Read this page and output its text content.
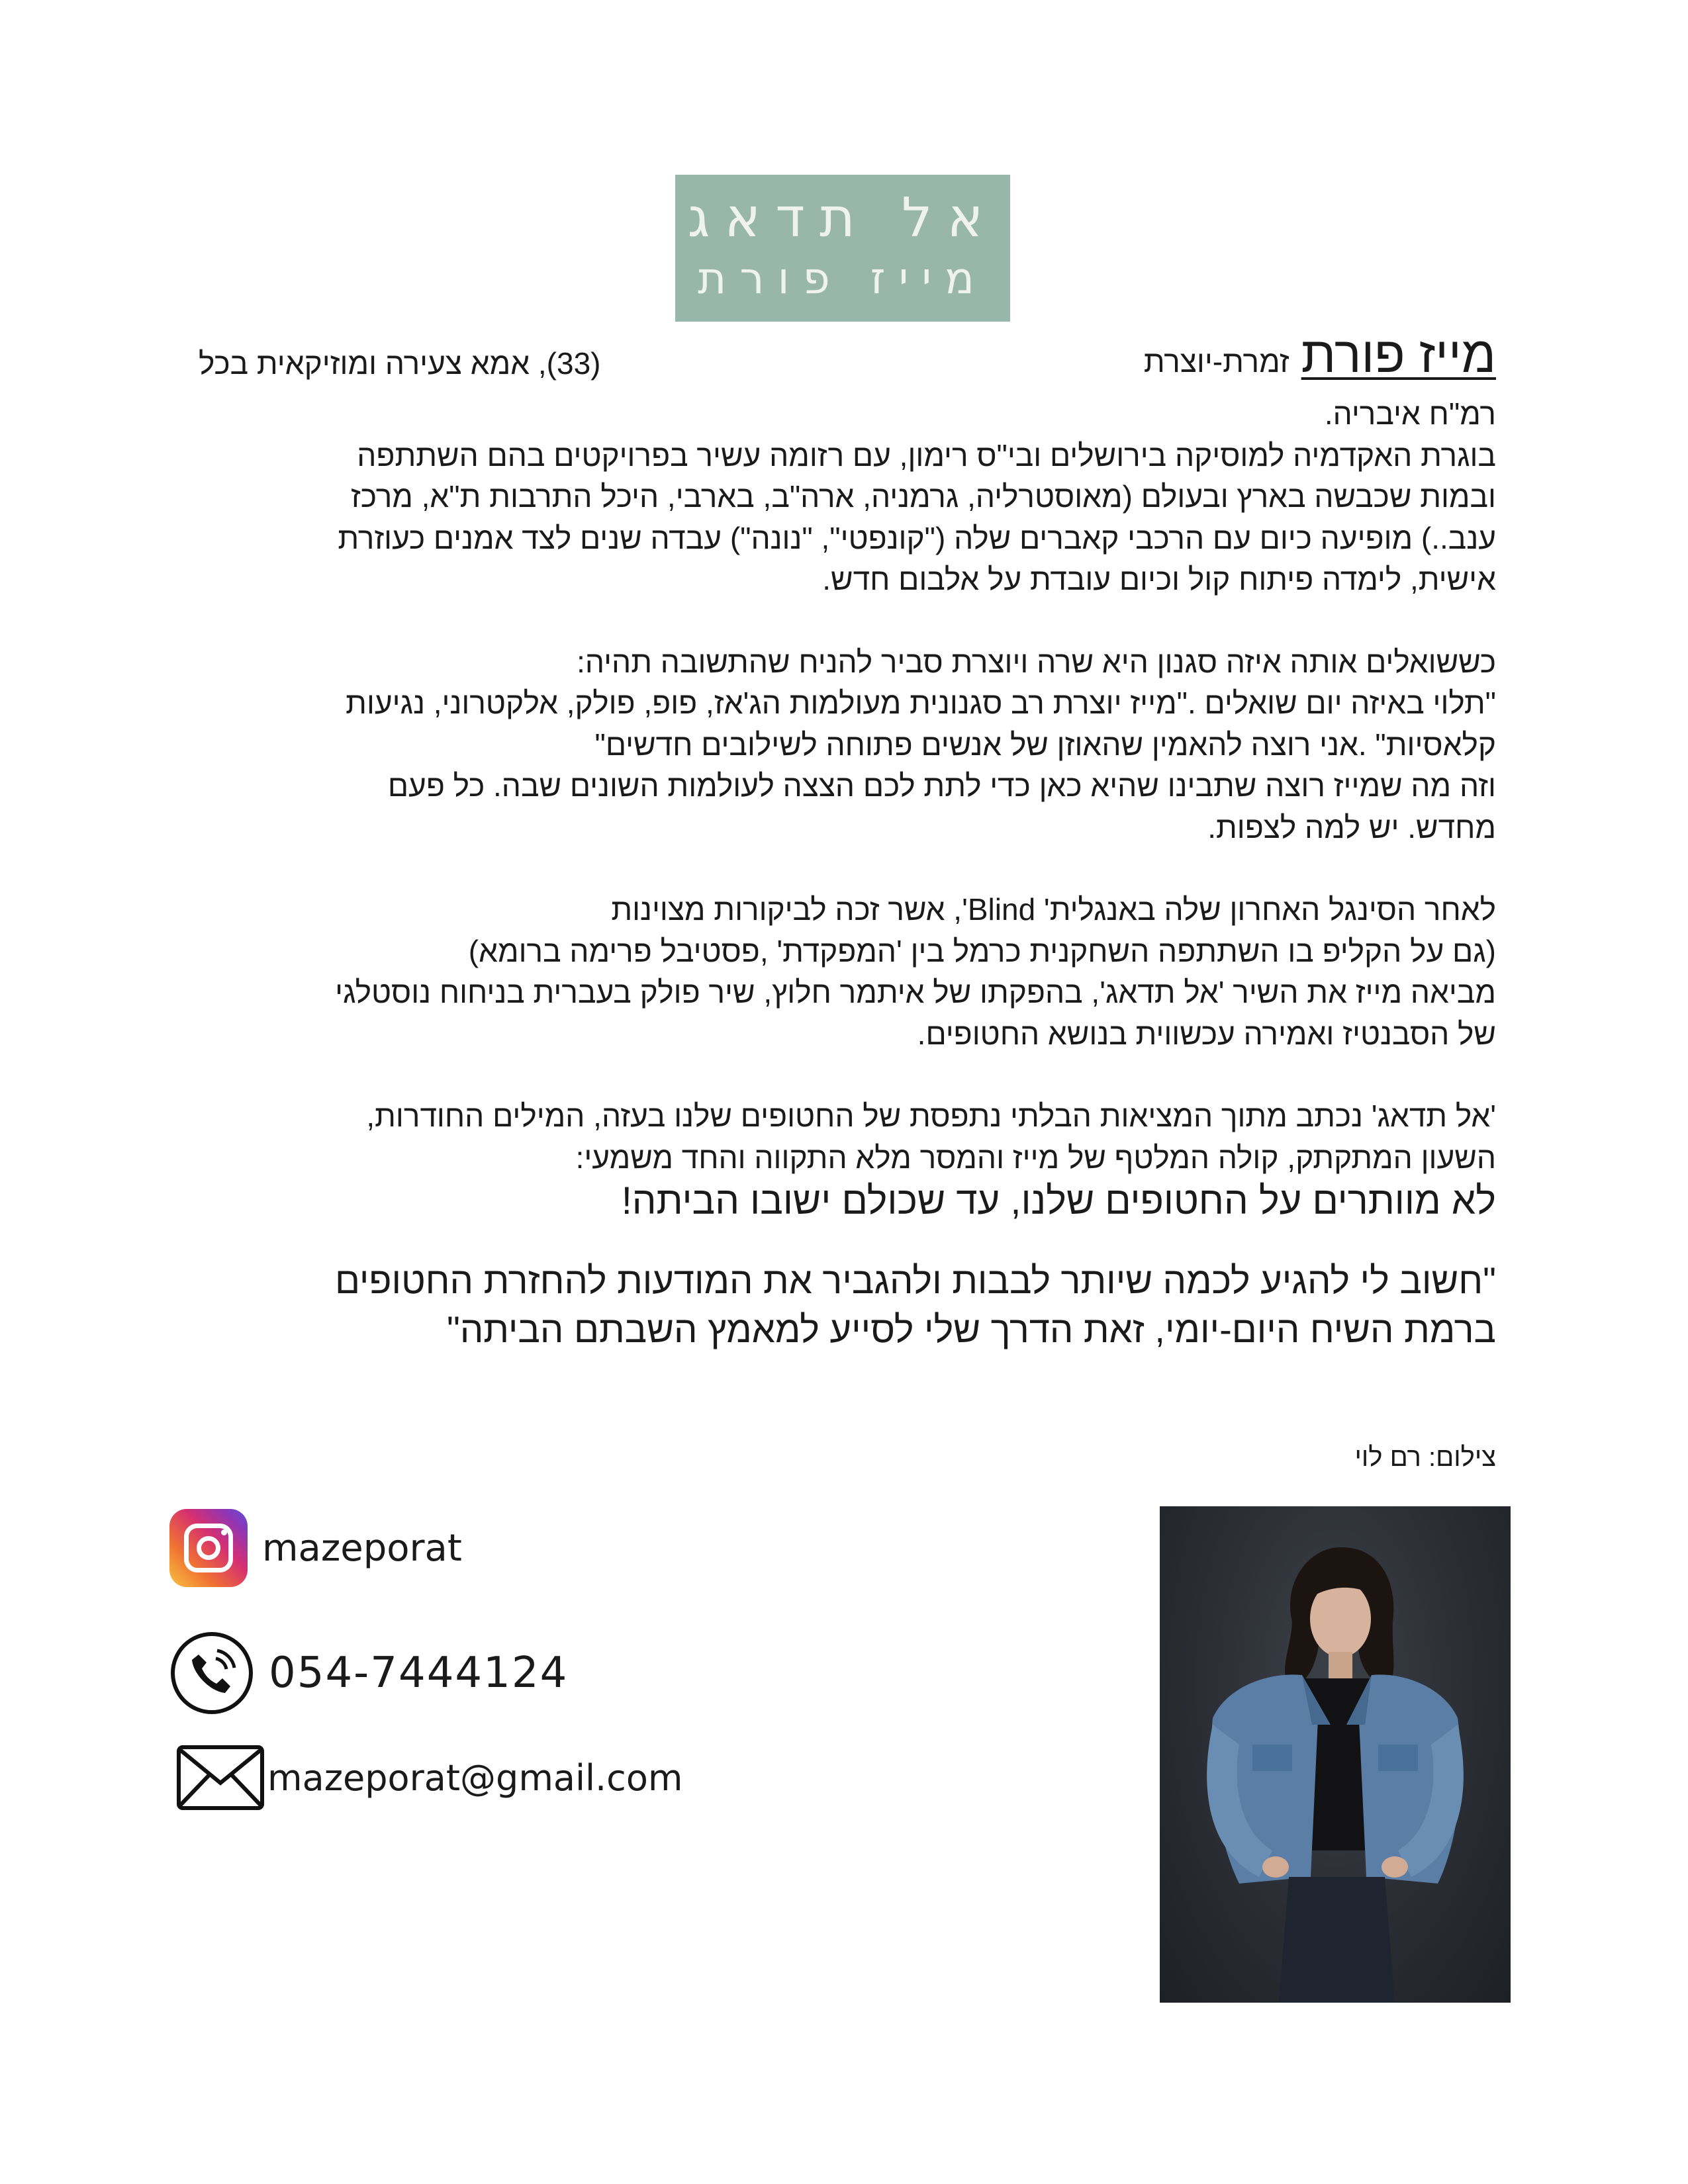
אל תדאג
מייז פורת
מייז פורתזמרת-יוצרת
(33), אמא צעירה ומוזיקאית בכל

רמ"ח איבריה.
בוגרת האקדמיה למוסיקה בירושלים ובי"ס רימון, עם רזומה עשיר בפרויקטים בהם השתתפה
ובמות שכבשה בארץ ובעולם (מאוסטרליה, גרמניה, ארה"ב, בארבי, היכל התרבות ת"א, מרכז
ענב..) מופיעה כיום עם הרכבי קאברים שלה ("קונפטי", "נונה") עבדה שנים לצד אמנים כעוזרת
אישית, לימדה פיתוח קול וכיום עובדת על אלבום חדש.

כששואלים אותה איזה סגנון היא שרה ויוצרת סביר להניח שהתשובה תהיה:
"תלוי באיזה יום שואלים ."מייז יוצרת רב סגנונית מעולמות הג'אז, פופ, פולק, אלקטרוני, נגיעות
קלאסיות" .אני רוצה להאמין שהאוזן של אנשים פתוחה לשילובים חדשים"
וזה מה שמייז רוצה שתבינו שהיא כאן כדי לתת לכם הצצה לעולמות השונים שבה. כל פעם
מחדש. יש למה לצפות.

לאחר הסינגל האחרון שלה באנגלית' Blind', אשר זכה לביקורות מצוינות
(גם על הקליפ בו השתתפה השחקנית כרמל בין 'המפקדת' ,פסטיבל פרימה ברומא)
מביאה מייז את השיר 'אל תדאג', בהפקתו של איתמר חלוץ, שיר פולק בעברית בניחוח נוסטלגי
של הסבנטיז ואמירה עכשווית בנושא החטופים.

'אל תדאג' נכתב מתוך המציאות הבלתי נתפסת של החטופים שלנו בעזה, המילים החודרות,
השעון המתקתק, קולה המלטף של מייז והמסר מלא התקווה והחד משמעי:

לא מוותרים על החטופים שלנו, עד שכולם ישובו הביתה!

"חשוב לי להגיע לכמה שיותר לבבות ולהגביר את המודעות להחזרת החטופים
ברמת השיח היום-יומי, זאת הדרך שלי לסייע למאמץ השבתם הביתה"

צילום: רם לוי
mazeporat
054-7444124
mazeporat@gmail.com
